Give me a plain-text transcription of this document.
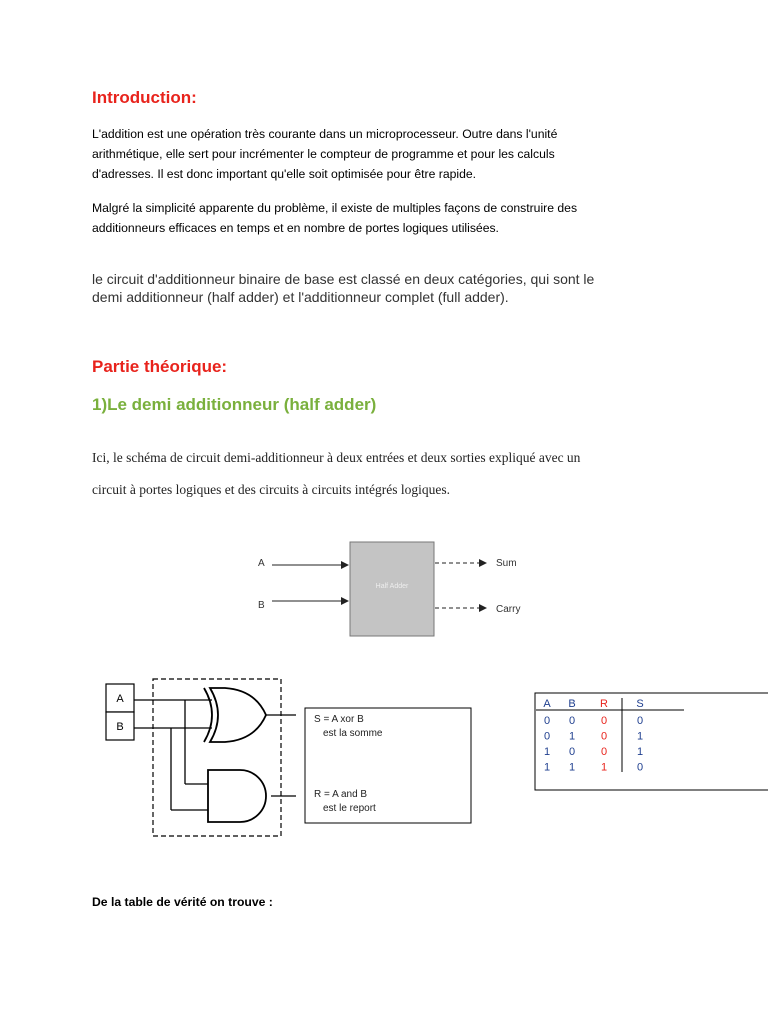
Introduction:
L'addition est une opération très courante dans un microprocesseur. Outre dans l'unité
arithmétique, elle sert pour incrémenter le compteur de programme et pour les calculs
d'adresses. Il est donc important qu'elle soit optimisée pour être rapide.
Malgré la simplicité apparente du problème, il existe de multiples façons de construire des
additionneurs efficaces en temps et en nombre de portes logiques utilisées.
le circuit d'additionneur binaire de base est classé en deux catégories, qui sont le
demi additionneur (half adder) et l'additionneur complet (full adder).
Partie théorique:
1)Le demi additionneur (half adder)
Ici, le schéma de circuit demi-additionneur à deux entrées et deux sorties expliqué avec un
circuit à portes logiques et des circuits à circuits intégrés logiques.
A
B
Half Adder
Sum
Carry
A
B
S = A xor B
est la somme
R = A and B
est le report
A B R	S
0 0 0	0
0 1 0	1
1 0 0	1
1 1 1	0
De la table de vérité on trouve :
